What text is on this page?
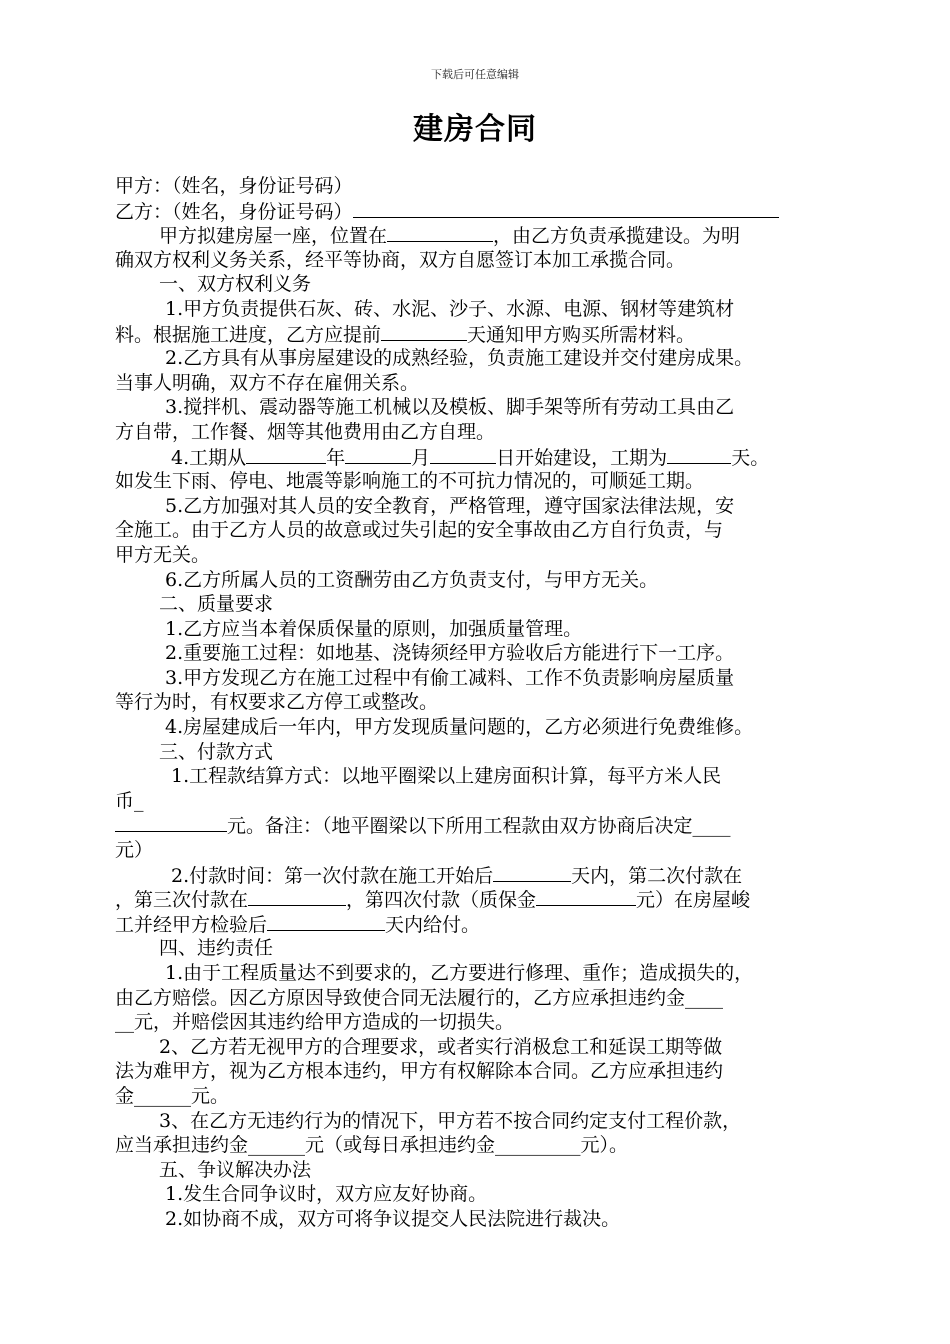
下载后可任意编辑
建房合同
甲方：（姓名，身份证号码）
乙方：（姓名，身份证号码）
甲方拟建房屋一座，位置在	，由乙方负责承揽建设。为明
确双方权利义务关系，经平等协商，双方自愿签订本加工承揽合同。
一、双方权利义务
1.甲方负责提供石灰、砖、水泥、沙子、水源、电源、钢材等建筑材
料。根据施工进度，乙方应提前	天通知甲方购买所需材料。
2.乙方具有从事房屋建设的成熟经验，负责施工建设并交付建房成果。
当事人明确，双方不存在雇佣关系。
3.搅拌机、震动器等施工机械以及模板、脚手架等所有劳动工具由乙
方自带，工作餐、烟等其他费用由乙方自理。
4.工期从	年	月	日开始建设，工期为	天。
如发生下雨、停电、地震等影响施工的不可抗力情况的，可顺延工期。
5.乙方加强对其人员的安全教育，严格管理，遵守国家法律法规，安
全施工。由于乙方人员的故意或过失引起的安全事故由乙方自行负责，与
甲方无关。
6.乙方所属人员的工资酬劳由乙方负责支付，与甲方无关。
二、质量要求
1.乙方应当本着保质保量的原则，加强质量管理。
2.重要施工过程：如地基、浇铸须经甲方验收后方能进行下一工序。
3.甲方发现乙方在施工过程中有偷工减料、工作不负责影响房屋质量
等行为时，有权要求乙方停工或整改。
4.房屋建成后一年内，甲方发现质量问题的，乙方必须进行免费维修。
三、付款方式
1.工程款结算方式：以地平圈梁以上建房面积计算，每平方米人民
币_
元。备注：（地平圈梁以下所用工程款由双方协商后决定____
元）
2.付款时间：第一次付款在施工开始后	天内，第二次付款在
，第三次付款在	，第四次付款（质保金	元）在房屋峻
工并经甲方检验后	天内给付。
四、违约责任
1.由于工程质量达不到要求的，乙方要进行修理、重作；造成损失的，
由乙方赔偿。因乙方原因导致使合同无法履行的，乙方应承担违约金____
__元，并赔偿因其违约给甲方造成的一切损失。
2、乙方若无视甲方的合理要求，或者实行消极怠工和延误工期等做
法为难甲方，视为乙方根本违约，甲方有权解除本合同。乙方应承担违约
金______元。
3、在乙方无违约行为的情况下，甲方若不按合同约定支付工程价款，
应当承担违约金______元（或每日承担违约金_________元）。
五、争议解决办法
1.发生合同争议时，双方应友好协商。
2.如协商不成，双方可将争议提交人民法院进行裁决。
